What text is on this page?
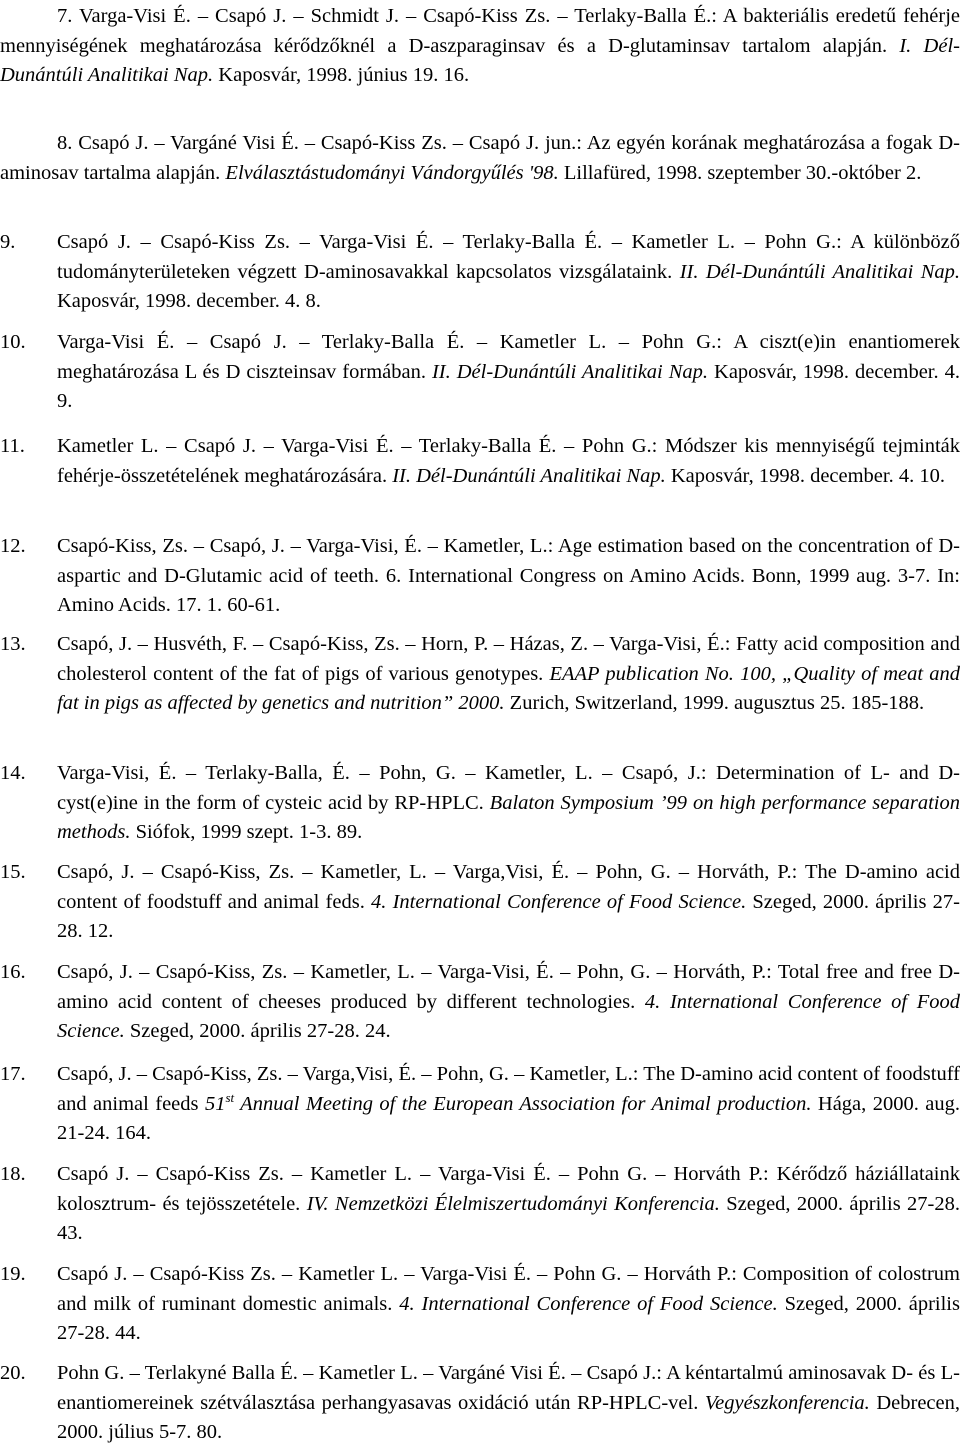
7. Varga-Visi É. – Csapó J. – Schmidt J. – Csapó-Kiss Zs. – Terlaky-Balla É.: A bakteriális eredetű fehérje mennyiségének meghatározása kérődzőknél a D-aszparaginsav és a D-glutaminsav tartalom alapján. I. Dél-Dunántúli Analitikai Nap. Kaposvár, 1998. június 19. 16.
8. Csapó J. – Vargáné Visi É. – Csapó-Kiss Zs. – Csapó J. jun.: Az egyén korának meghatározása a fogak D-aminosav tartalma alapján. Elválasztástudományi Vándorgyűlés '98. Lillafüred, 1998. szeptember 30.-október 2.
9.	Csapó J. – Csapó-Kiss Zs. – Varga-Visi É. – Terlaky-Balla É. – Kametler L. – Pohn G.: A különböző tudományterületeken végzett D-aminosavakkal kapcsolatos vizsgálataink. II. Dél-Dunántúli Analitikai Nap. Kaposvár, 1998. december. 4. 8.
10.	Varga-Visi É. – Csapó J. – Terlaky-Balla É. – Kametler L. – Pohn G.: A ciszt(e)in enantiomerek meghatározása L és D ciszteinsav formában. II. Dél-Dunántúli Analitikai Nap. Kaposvár, 1998. december. 4. 9.
11.	Kametler L. – Csapó J. – Varga-Visi É. – Terlaky-Balla É. – Pohn G.: Módszer kis mennyiségű tejminták fehérje-összetételének meghatározására. II. Dél-Dunántúli Analitikai Nap. Kaposvár, 1998. december. 4. 10.
12.	Csapó-Kiss, Zs. – Csapó, J. – Varga-Visi, É. – Kametler, L.: Age estimation based on the concentration of D-aspartic and D-Glutamic acid of teeth. 6. International Congress on Amino Acids. Bonn, 1999 aug. 3-7. In: Amino Acids. 17. 1. 60-61.
13.	Csapó, J. – Husvéth, F. – Csapó-Kiss, Zs. – Horn, P. – Házas, Z. – Varga-Visi, É.: Fatty acid composition and cholesterol content of the fat of pigs of various genotypes. EAAP publication No. 100, „Quality of meat and fat in pigs as affected by genetics and nutrition” 2000. Zurich, Switzerland, 1999. augusztus 25. 185-188.
14.	Varga-Visi, É. – Terlaky-Balla, É. – Pohn, G. – Kametler, L. – Csapó, J.: Determination of L- and D-cyst(e)ine in the form of cysteic acid by RP-HPLC. Balaton Symposium ’99 on high performance separation methods. Siófok, 1999 szept. 1-3. 89.
15.	Csapó, J. – Csapó-Kiss, Zs. – Kametler, L. – Varga,Visi, É. – Pohn, G. – Horváth, P.: The D-amino acid content of foodstuff and animal feds. 4. International Conference of Food Science. Szeged, 2000. április 27-28. 12.
16.	Csapó, J. – Csapó-Kiss, Zs. – Kametler, L. – Varga-Visi, É. – Pohn, G. – Horváth, P.: Total free and free D-amino acid content of cheeses produced by different technologies. 4. International Conference of Food Science. Szeged, 2000. április 27-28. 24.
17.	Csapó, J. – Csapó-Kiss, Zs. – Varga,Visi, É. – Pohn, G. – Kametler, L.: The D-amino acid content of foodstuff and animal feeds 51st Annual Meeting of the European Association for Animal production. Hága, 2000. aug. 21-24. 164.
18.	Csapó J. – Csapó-Kiss Zs. – Kametler L. – Varga-Visi É. – Pohn G. – Horváth P.: Kérődző háziállataink kolosztrum- és tejösszetétele. IV. Nemzetközi Élelmiszertudományi Konferencia. Szeged, 2000. április 27-28. 43.
19.	Csapó J. – Csapó-Kiss Zs. – Kametler L. – Varga-Visi É. – Pohn G. – Horváth P.: Composition of colostrum and milk of ruminant domestic animals. 4. International Conference of Food Science. Szeged, 2000. április 27-28. 44.
20.	Pohn G. – Terlakyné Balla É. – Kametler L. – Vargáné Visi É. – Csapó J.: A kéntartalmú aminosavak D- és L-enantiomereinek szétválasztása perhangyasavas oxidáció után RP-HPLC-vel. Vegyészkonferencia. Debrecen, 2000. július 5-7. 80.
